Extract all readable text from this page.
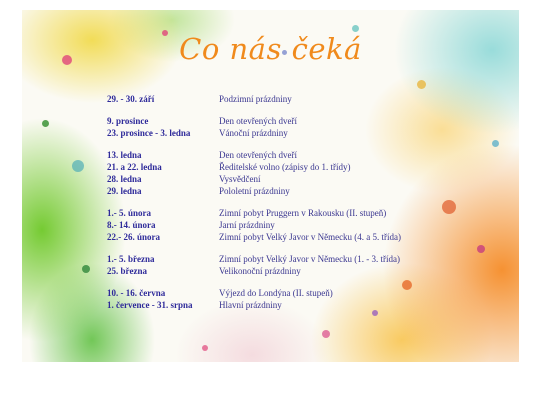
Co nás čeká
29. - 30. září	Podzimní prázdniny
9. prosince	Den otevřených dveří
23. prosince - 3. ledna	Vánoční prázdniny
13. ledna	Den otevřených dveří
21. a 22. ledna	Ředitelské volno (zápisy do 1. třídy)
28. ledna	Vysvědčení
29. ledna	Pololetní prázdniny
1.- 5. února	Zimní pobyt Pruggern v Rakousku (II. stupeň)
8.- 14. února	Jarní prázdniny
22.- 26. února	Zimní pobyt Velký Javor v Německu (4. a 5. třída)
1.- 5. března	Zimní pobyt Velký Javor v Německu (1. - 3. třída)
25. března	Velikonoční prázdniny
10. - 16. června	Výjezd do Londýna (II. stupeň)
1. července - 31. srpna	Hlavní prázdniny
